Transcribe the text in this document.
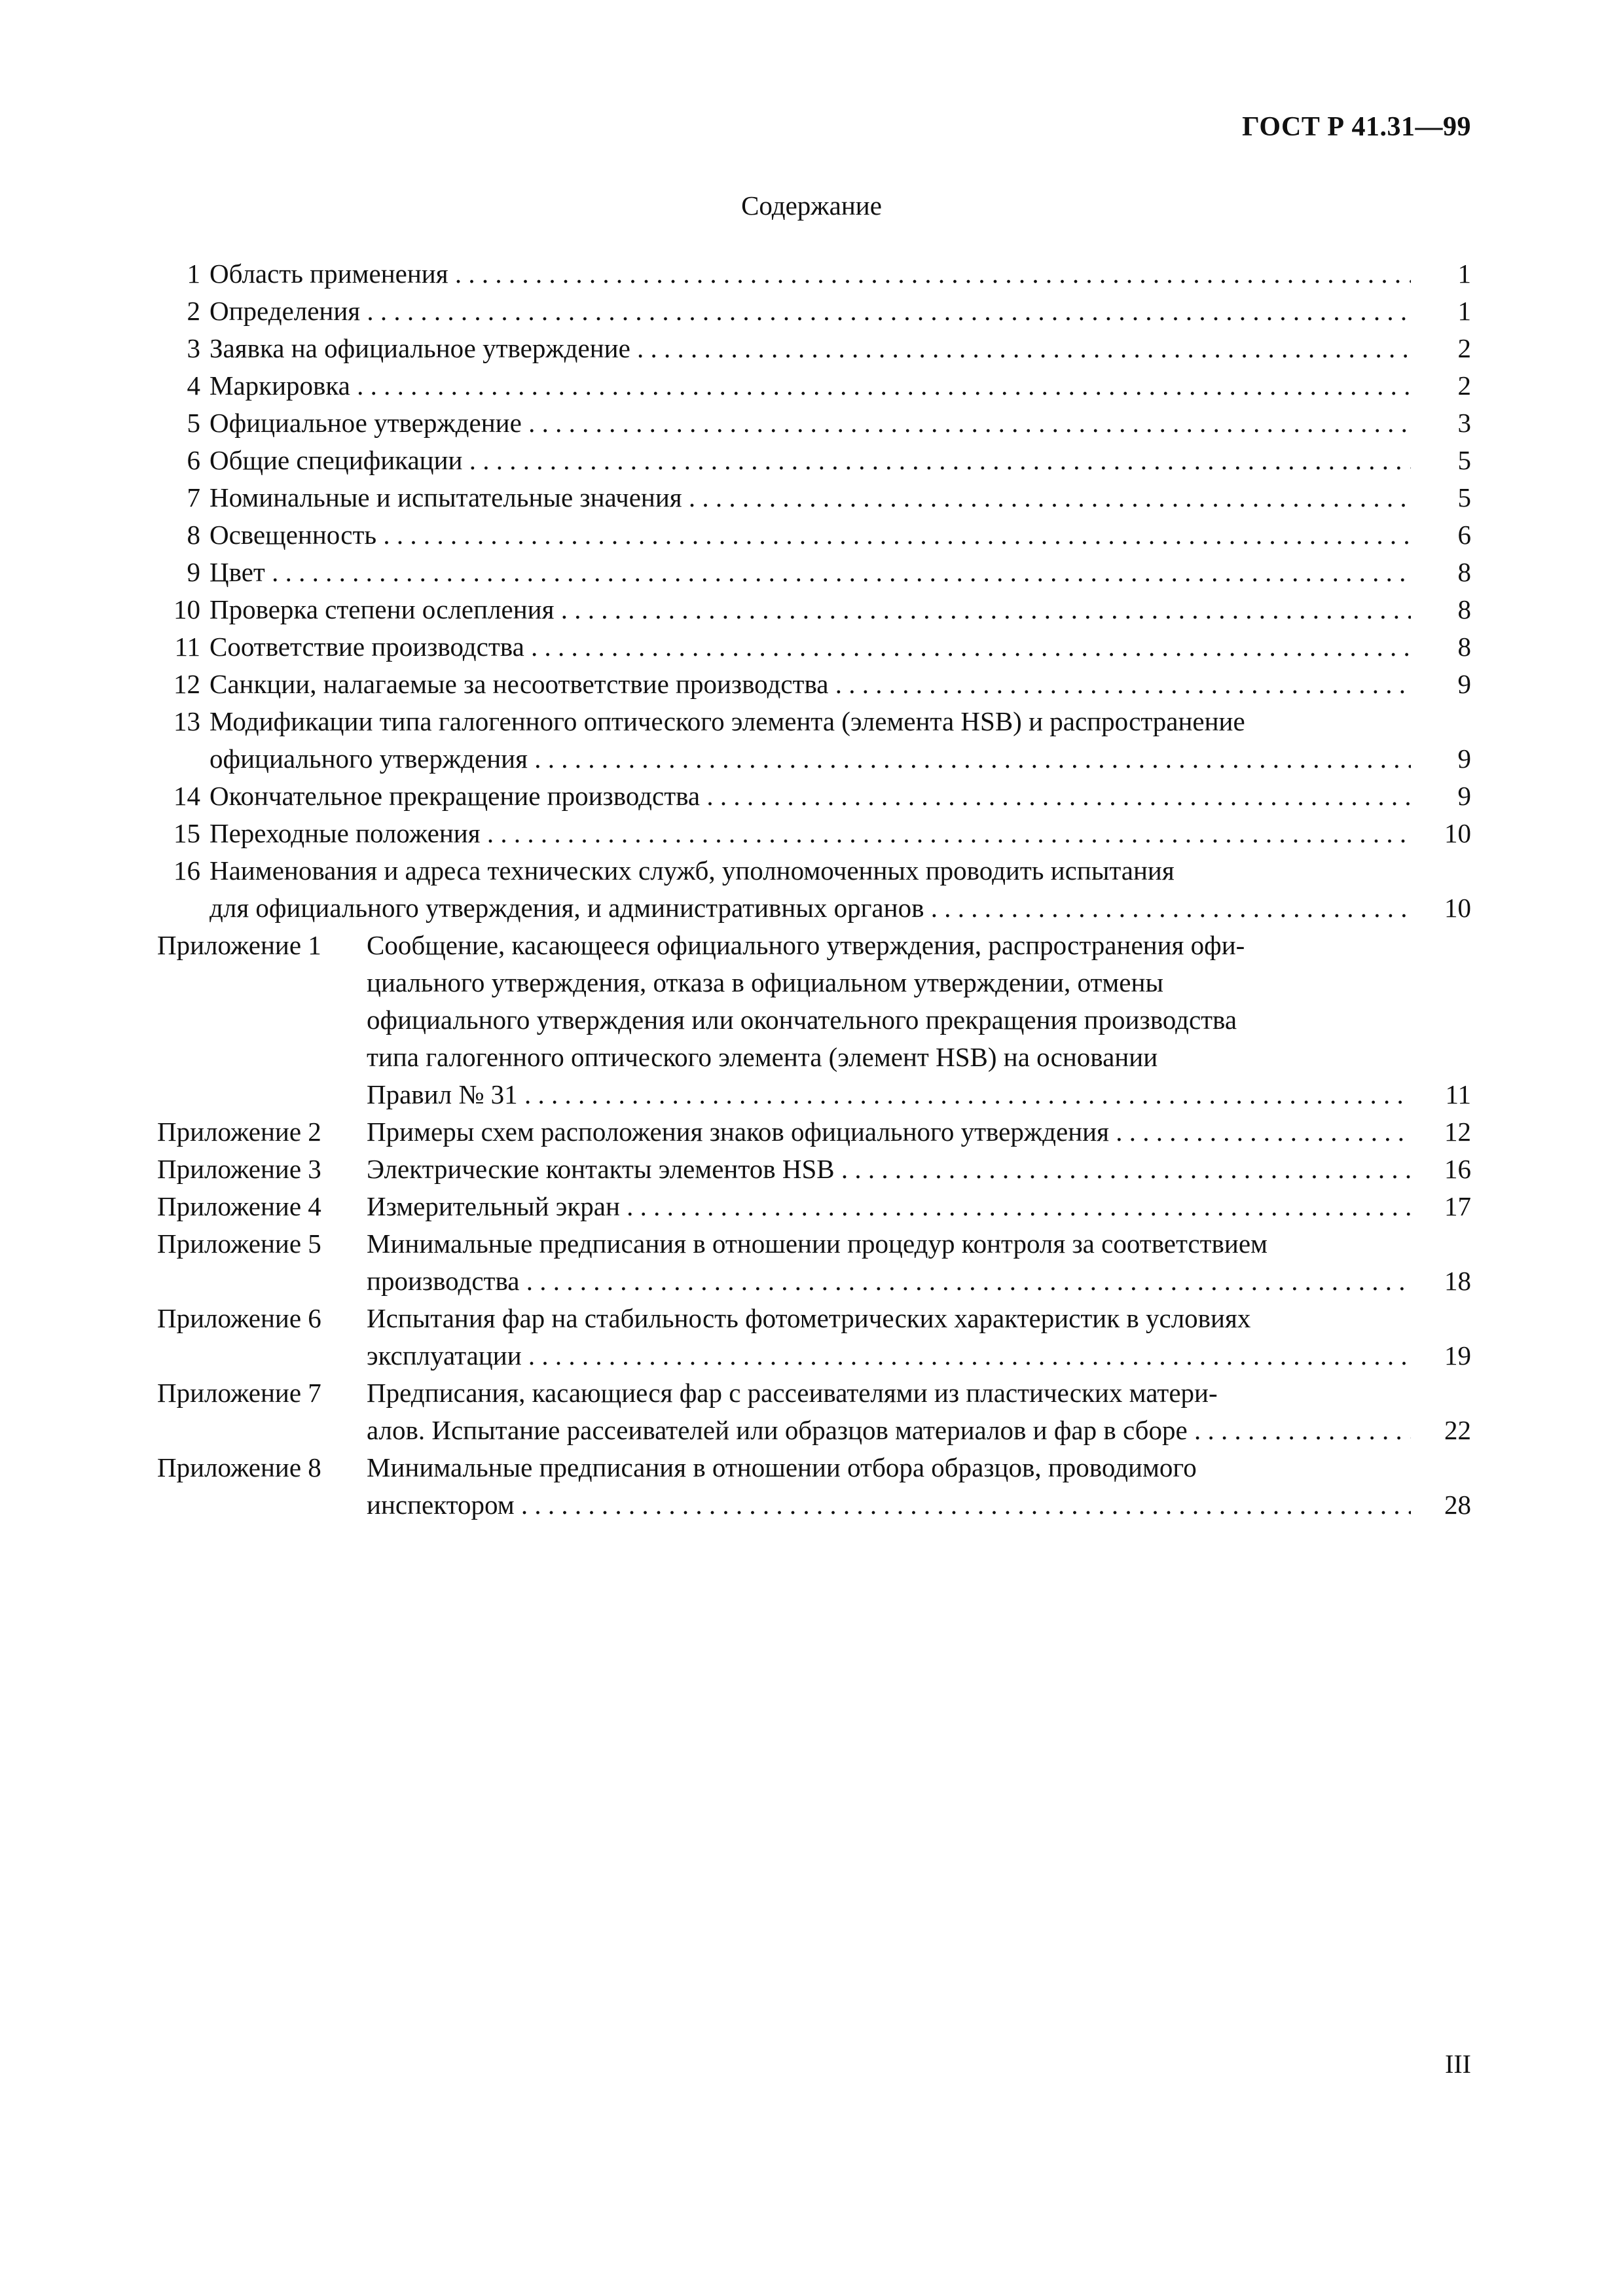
ГОСТ Р 41.31—99
Содержание
1 Область применения . . .	1
2 Определения . . .	1
3 Заявка на официальное утверждение . . .	2
4 Маркировка . . .	2
5 Официальное утверждение . . .	3
6 Общие спецификации . . .	5
7 Номинальные и испытательные значения . . .	5
8 Освещенность . . .	6
9 Цвет . . .	8
10 Проверка степени ослепления . . .	8
11 Соответствие производства . . .	8
12 Санкции, налагаемые за несоответствие производства . . .	9
13 Модификации типа галогенного оптического элемента (элемента HSB) и распространение
официального утверждения . . .	9
14 Окончательное прекращение производства . . .	9
15 Переходные положения . . .	10
16 Наименования и адреса технических служб, уполномоченных проводить испытания
для официального утверждения, и административных органов . . .	10
Приложение 1 Сообщение, касающееся официального утверждения, распространения офи-
циального утверждения, отказа в официальном утверждении, отмены
официального утверждения или окончательного прекращения производства
типа галогенного оптического элемента (элемент HSB) на основании
Правил № 31 . . .	11
Приложение 2 Примеры схем расположения знаков официального утверждения . . .	12
Приложение 3 Электрические контакты элементов HSB . . .	16
Приложение 4 Измерительный экран . . .	17
Приложение 5 Минимальные предписания в отношении процедур контроля за соответствием
производства . . .	18
Приложение 6 Испытания фар на стабильность фотометрических характеристик в условиях
эксплуатации . . .	19
Приложение 7 Предписания, касающиеся фар с рассеивателями из пластических матери-
алов. Испытание рассеивателей или образцов материалов и фар в сборе . . .	22
Приложение 8 Минимальные предписания в отношении отбора образцов, проводимого
инспектором . . .	28
III
